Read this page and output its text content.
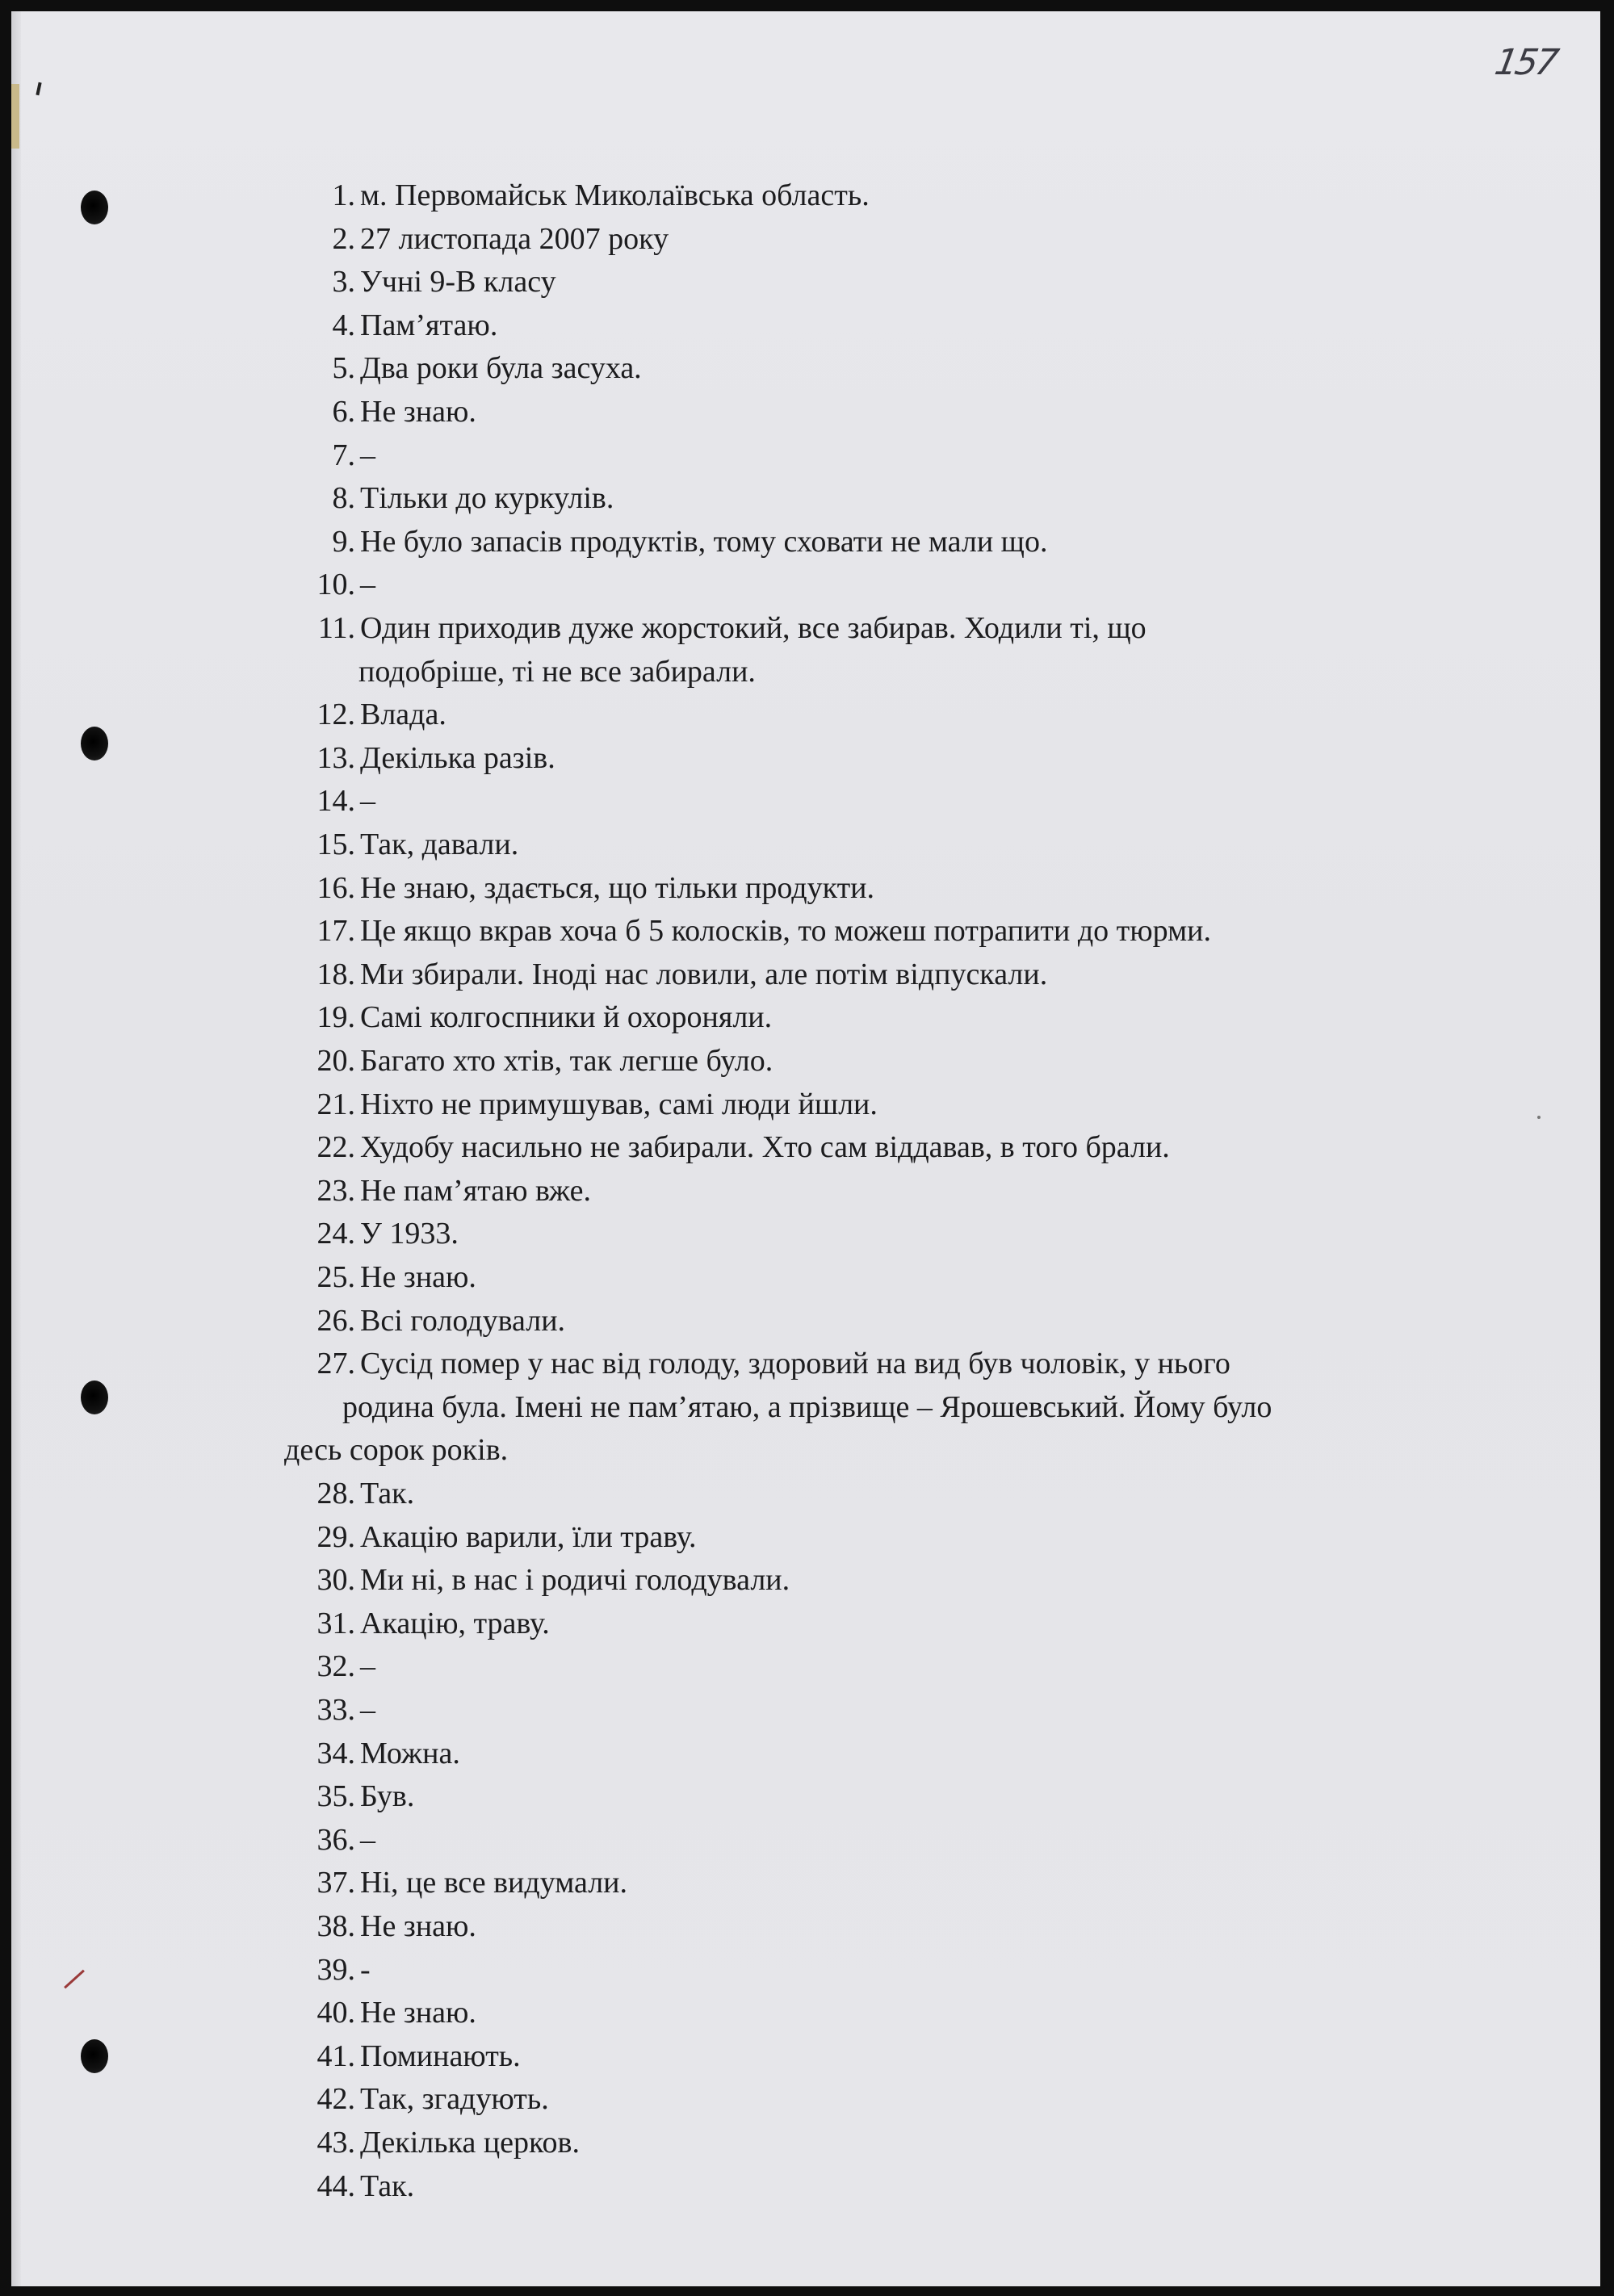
157
1. м. Первомайськ Миколаївська область.
2. 27 листопада 2007 року
3. Учні 9-В класу
4. Пам’ятаю.
5. Два роки була засуха.
6. Не знаю.
7. –
8. Тільки до куркулів.
9. Не було запасів продуктів, тому сховати не мали що.
10. –
11. Один приходив дуже жорстокий, все забирав. Ходили ті, що
подобріше, ті не все забирали.
12. Влада.
13. Декілька разів.
14. –
15. Так, давали.
16. Не знаю, здається, що тільки продукти.
17. Це якщо вкрав хоча б 5 колосків, то можеш потрапити до тюрми.
18. Ми збирали. Іноді нас ловили, але потім відпускали.
19. Самі колгоспники й охороняли.
20. Багато хто хтів, так легше було.
21. Ніхто не примушував, самі люди йшли.
22. Худобу насильно не забирали. Хто сам віддавав, в того брали.
23. Не пам’ятаю вже.
24. У 1933.
25. Не знаю.
26. Всі голодували.
27. Сусід помер у нас від голоду, здоровий на вид був чоловік, у нього
родина була. Імені не пам’ятаю, а прізвище – Ярошевський. Йому було
десь сорок років.
28. Так.
29. Акацію варили, їли траву.
30. Ми ні, в нас і родичі голодували.
31. Акацію, траву.
32. –
33. –
34. Можна.
35. Був.
36. –
37. Ні, це все видумали.
38. Не знаю.
39. -
40. Не знаю.
41. Поминають.
42. Так, згадують.
43. Декілька церков.
44. Так.
